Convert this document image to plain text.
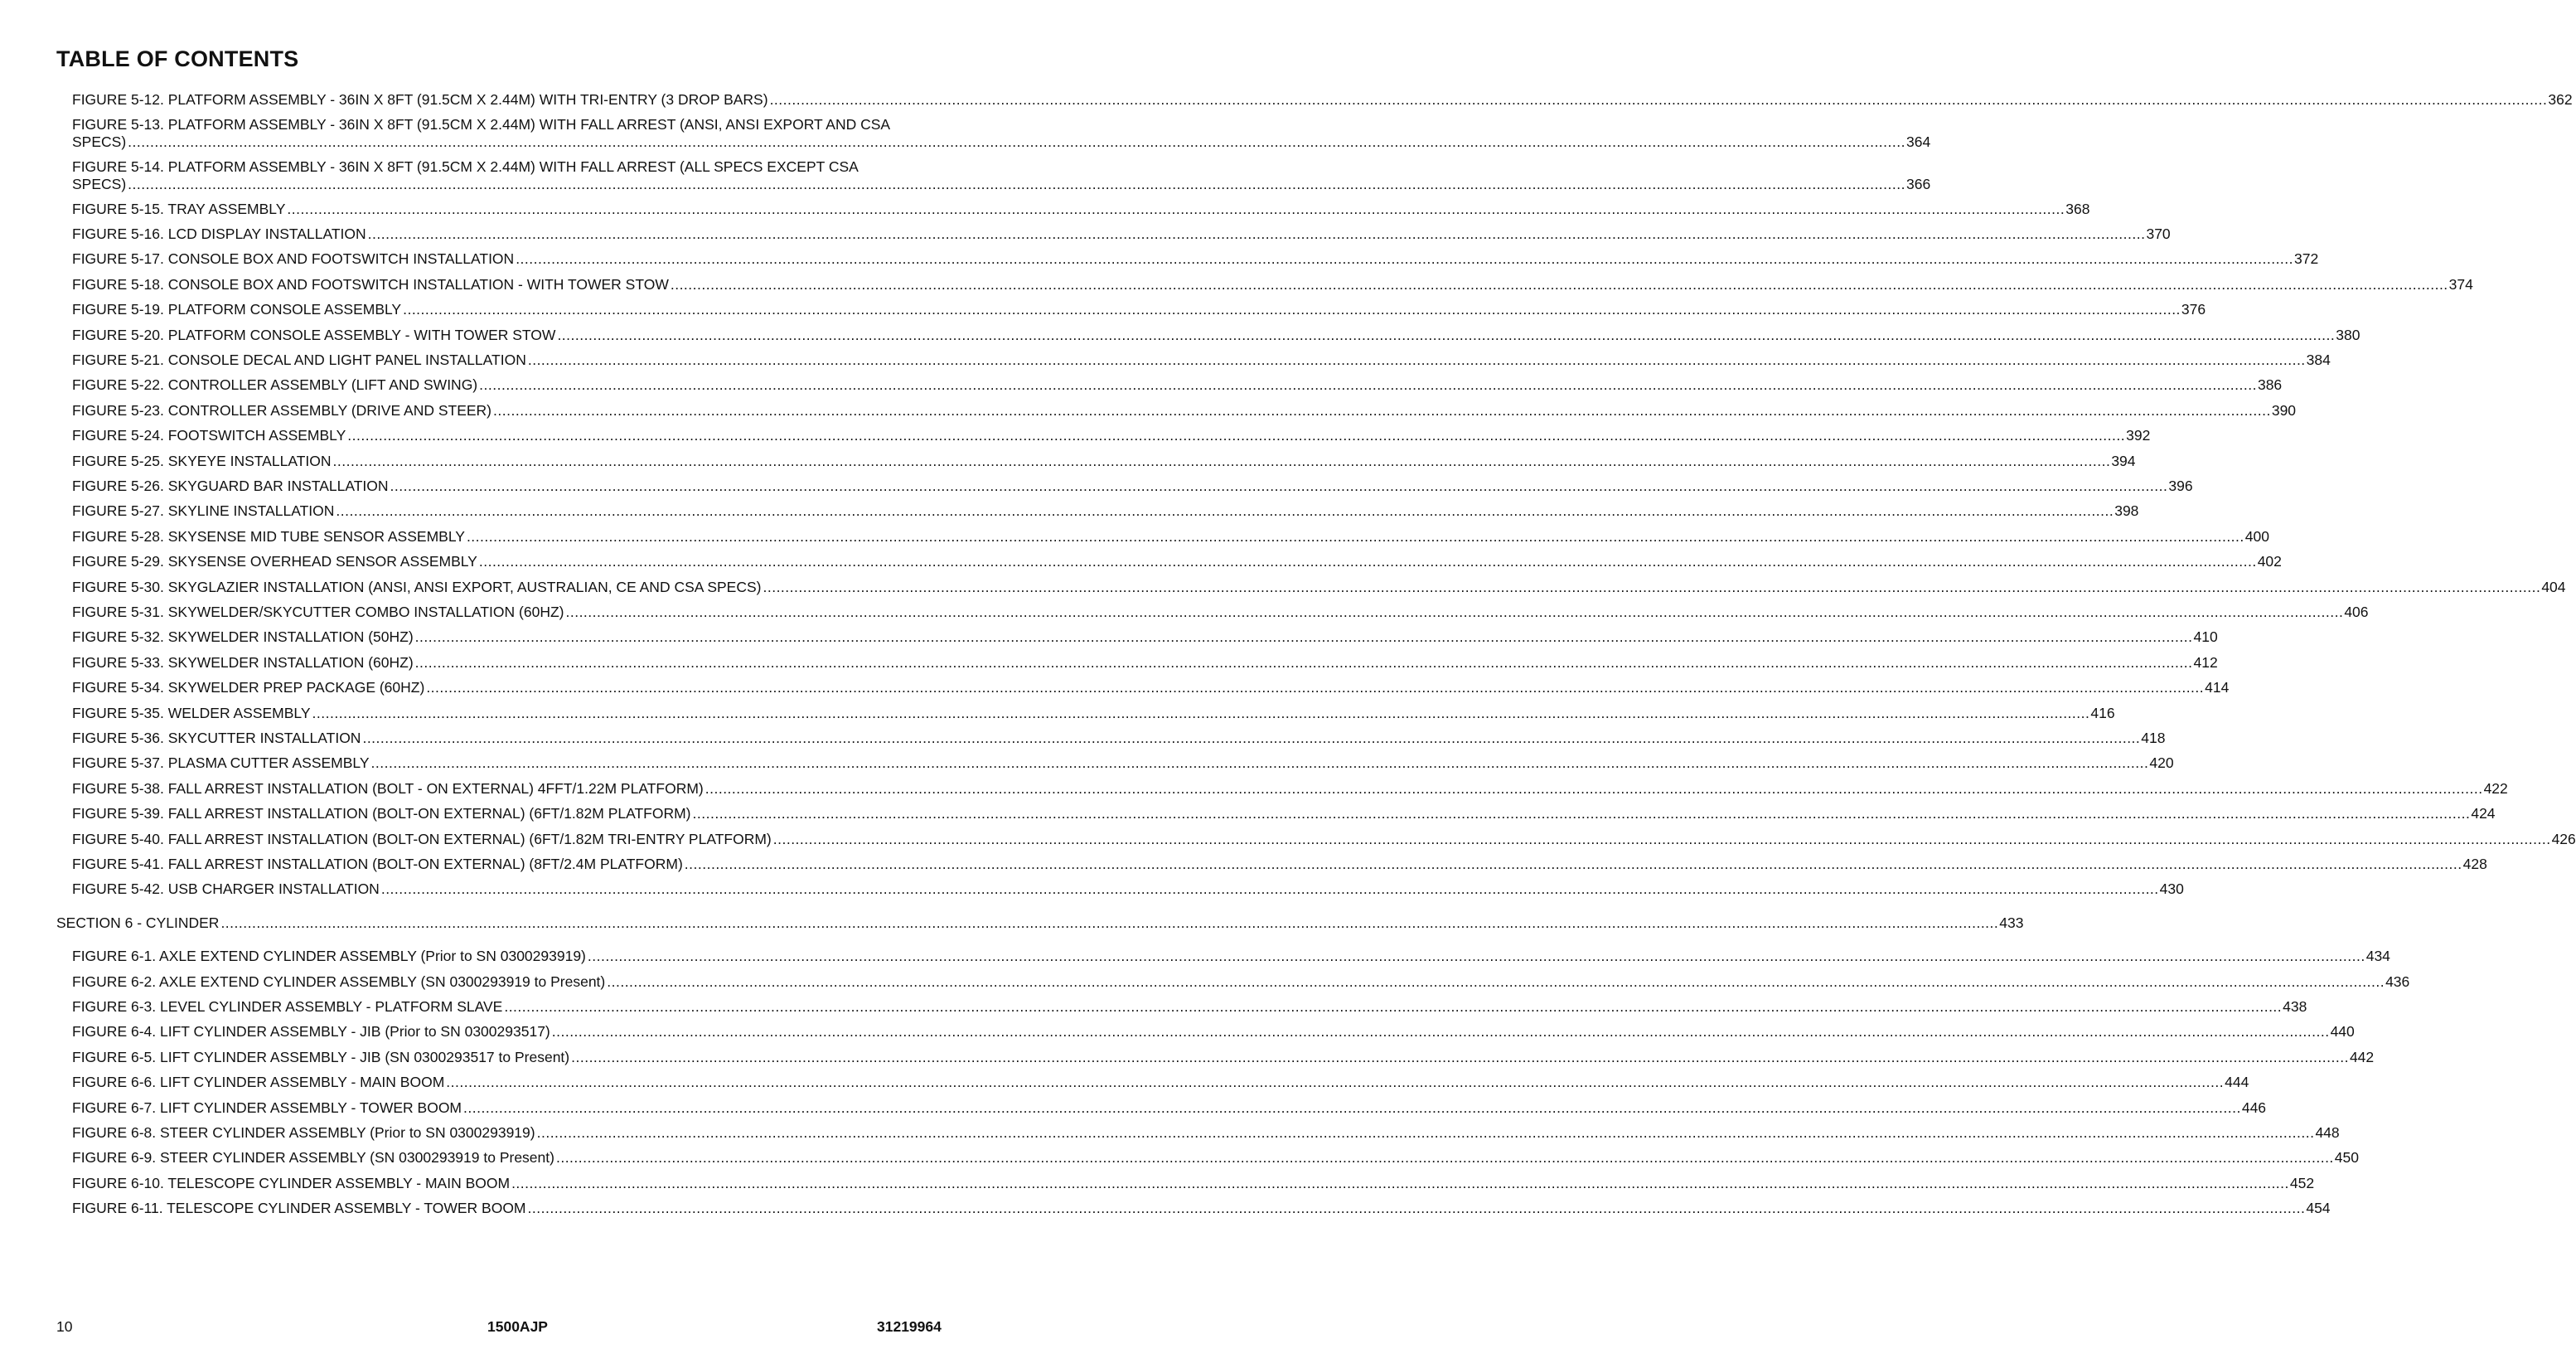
TABLE OF CONTENTS
FIGURE 5-12. PLATFORM ASSEMBLY - 36IN X 8FT (91.5CM X 2.44M) WITH TRI-ENTRY (3 DROP BARS) ................................................................................................................................................................................................................................................................................................................................................................................................................ 362
FIGURE 5-13. PLATFORM ASSEMBLY - 36IN X 8FT (91.5CM X 2.44M) WITH FALL ARREST (ANSI, ANSI EXPORT AND CSA
SPECS) ................................................................................................................................................................................................................................................................................................................................................................................................................ 364
FIGURE 5-14. PLATFORM ASSEMBLY - 36IN X 8FT (91.5CM X 2.44M) WITH FALL ARREST (ALL SPECS EXCEPT CSA
SPECS) ................................................................................................................................................................................................................................................................................................................................................................................................................ 366
FIGURE 5-15. TRAY ASSEMBLY ................................................................................................................................................................................................................................................................................................................................................................................................................ 368
FIGURE 5-16. LCD DISPLAY INSTALLATION ................................................................................................................................................................................................................................................................................................................................................................................................................ 370
FIGURE 5-17. CONSOLE BOX AND FOOTSWITCH INSTALLATION ................................................................................................................................................................................................................................................................................................................................................................................................................ 372
FIGURE 5-18. CONSOLE BOX AND FOOTSWITCH INSTALLATION - WITH TOWER STOW ................................................................................................................................................................................................................................................................................................................................................................................................................ 374
FIGURE 5-19. PLATFORM CONSOLE ASSEMBLY ................................................................................................................................................................................................................................................................................................................................................................................................................ 376
FIGURE 5-20. PLATFORM CONSOLE ASSEMBLY - WITH TOWER STOW ................................................................................................................................................................................................................................................................................................................................................................................................................ 380
FIGURE 5-21. CONSOLE DECAL AND LIGHT PANEL INSTALLATION ................................................................................................................................................................................................................................................................................................................................................................................................................ 384
FIGURE 5-22. CONTROLLER ASSEMBLY (LIFT AND SWING) ................................................................................................................................................................................................................................................................................................................................................................................................................ 386
FIGURE 5-23. CONTROLLER ASSEMBLY (DRIVE AND STEER) ................................................................................................................................................................................................................................................................................................................................................................................................................ 390
FIGURE 5-24. FOOTSWITCH ASSEMBLY ................................................................................................................................................................................................................................................................................................................................................................................................................ 392
FIGURE 5-25. SKYEYE INSTALLATION ................................................................................................................................................................................................................................................................................................................................................................................................................ 394
FIGURE 5-26. SKYGUARD BAR INSTALLATION ................................................................................................................................................................................................................................................................................................................................................................................................................ 396
FIGURE 5-27. SKYLINE INSTALLATION ................................................................................................................................................................................................................................................................................................................................................................................................................ 398
FIGURE 5-28. SKYSENSE MID TUBE SENSOR ASSEMBLY ................................................................................................................................................................................................................................................................................................................................................................................................................ 400
FIGURE 5-29. SKYSENSE OVERHEAD SENSOR ASSEMBLY ................................................................................................................................................................................................................................................................................................................................................................................................................ 402
FIGURE 5-30. SKYGLAZIER INSTALLATION (ANSI, ANSI EXPORT, AUSTRALIAN, CE AND CSA SPECS) ................................................................................................................................................................................................................................................................................................................................................................................................................ 404
FIGURE 5-31. SKYWELDER/SKYCUTTER COMBO INSTALLATION (60HZ) ................................................................................................................................................................................................................................................................................................................................................................................................................ 406
FIGURE 5-32. SKYWELDER INSTALLATION (50HZ) ................................................................................................................................................................................................................................................................................................................................................................................................................ 410
FIGURE 5-33. SKYWELDER INSTALLATION (60HZ) ................................................................................................................................................................................................................................................................................................................................................................................................................ 412
FIGURE 5-34. SKYWELDER PREP PACKAGE (60HZ) ................................................................................................................................................................................................................................................................................................................................................................................................................ 414
FIGURE 5-35. WELDER ASSEMBLY ................................................................................................................................................................................................................................................................................................................................................................................................................ 416
FIGURE 5-36. SKYCUTTER INSTALLATION ................................................................................................................................................................................................................................................................................................................................................................................................................ 418
FIGURE 5-37. PLASMA CUTTER ASSEMBLY ................................................................................................................................................................................................................................................................................................................................................................................................................ 420
FIGURE 5-38. FALL ARREST INSTALLATION (BOLT - ON EXTERNAL) 4FFT/1.22M PLATFORM) ................................................................................................................................................................................................................................................................................................................................................................................................................ 422
FIGURE 5-39. FALL ARREST INSTALLATION (BOLT-ON EXTERNAL) (6FT/1.82M PLATFORM) ................................................................................................................................................................................................................................................................................................................................................................................................................ 424
FIGURE 5-40. FALL ARREST INSTALLATION (BOLT-ON EXTERNAL) (6FT/1.82M TRI-ENTRY PLATFORM) ................................................................................................................................................................................................................................................................................................................................................................................................................ 426
FIGURE 5-41. FALL ARREST INSTALLATION (BOLT-ON EXTERNAL) (8FT/2.4M PLATFORM) ................................................................................................................................................................................................................................................................................................................................................................................................................ 428
FIGURE 5-42. USB CHARGER INSTALLATION ................................................................................................................................................................................................................................................................................................................................................................................................................ 430
SECTION 6 - CYLINDER ................................................................................................................................................................................................................................................................................................................................................................................................................ 433
FIGURE 6-1. AXLE EXTEND CYLINDER ASSEMBLY (Prior to SN 0300293919) ................................................................................................................................................................................................................................................................................................................................................................................................................ 434
FIGURE 6-2. AXLE EXTEND CYLINDER ASSEMBLY (SN 0300293919 to Present) ................................................................................................................................................................................................................................................................................................................................................................................................................ 436
FIGURE 6-3. LEVEL CYLINDER ASSEMBLY - PLATFORM SLAVE ................................................................................................................................................................................................................................................................................................................................................................................................................ 438
FIGURE 6-4. LIFT CYLINDER ASSEMBLY - JIB (Prior to SN 0300293517) ................................................................................................................................................................................................................................................................................................................................................................................................................ 440
FIGURE 6-5. LIFT CYLINDER ASSEMBLY - JIB (SN 0300293517 to Present) ................................................................................................................................................................................................................................................................................................................................................................................................................ 442
FIGURE 6-6. LIFT CYLINDER ASSEMBLY - MAIN BOOM ................................................................................................................................................................................................................................................................................................................................................................................................................ 444
FIGURE 6-7. LIFT CYLINDER ASSEMBLY - TOWER BOOM ................................................................................................................................................................................................................................................................................................................................................................................................................ 446
FIGURE 6-8. STEER CYLINDER ASSEMBLY (Prior to SN 0300293919) ................................................................................................................................................................................................................................................................................................................................................................................................................ 448
FIGURE 6-9. STEER CYLINDER ASSEMBLY (SN 0300293919 to Present) ................................................................................................................................................................................................................................................................................................................................................................................................................ 450
FIGURE 6-10. TELESCOPE CYLINDER ASSEMBLY - MAIN BOOM ................................................................................................................................................................................................................................................................................................................................................................................................................ 452
FIGURE 6-11. TELESCOPE CYLINDER ASSEMBLY - TOWER BOOM ................................................................................................................................................................................................................................................................................................................................................................................................................ 454
10	1500AJP	31219964
